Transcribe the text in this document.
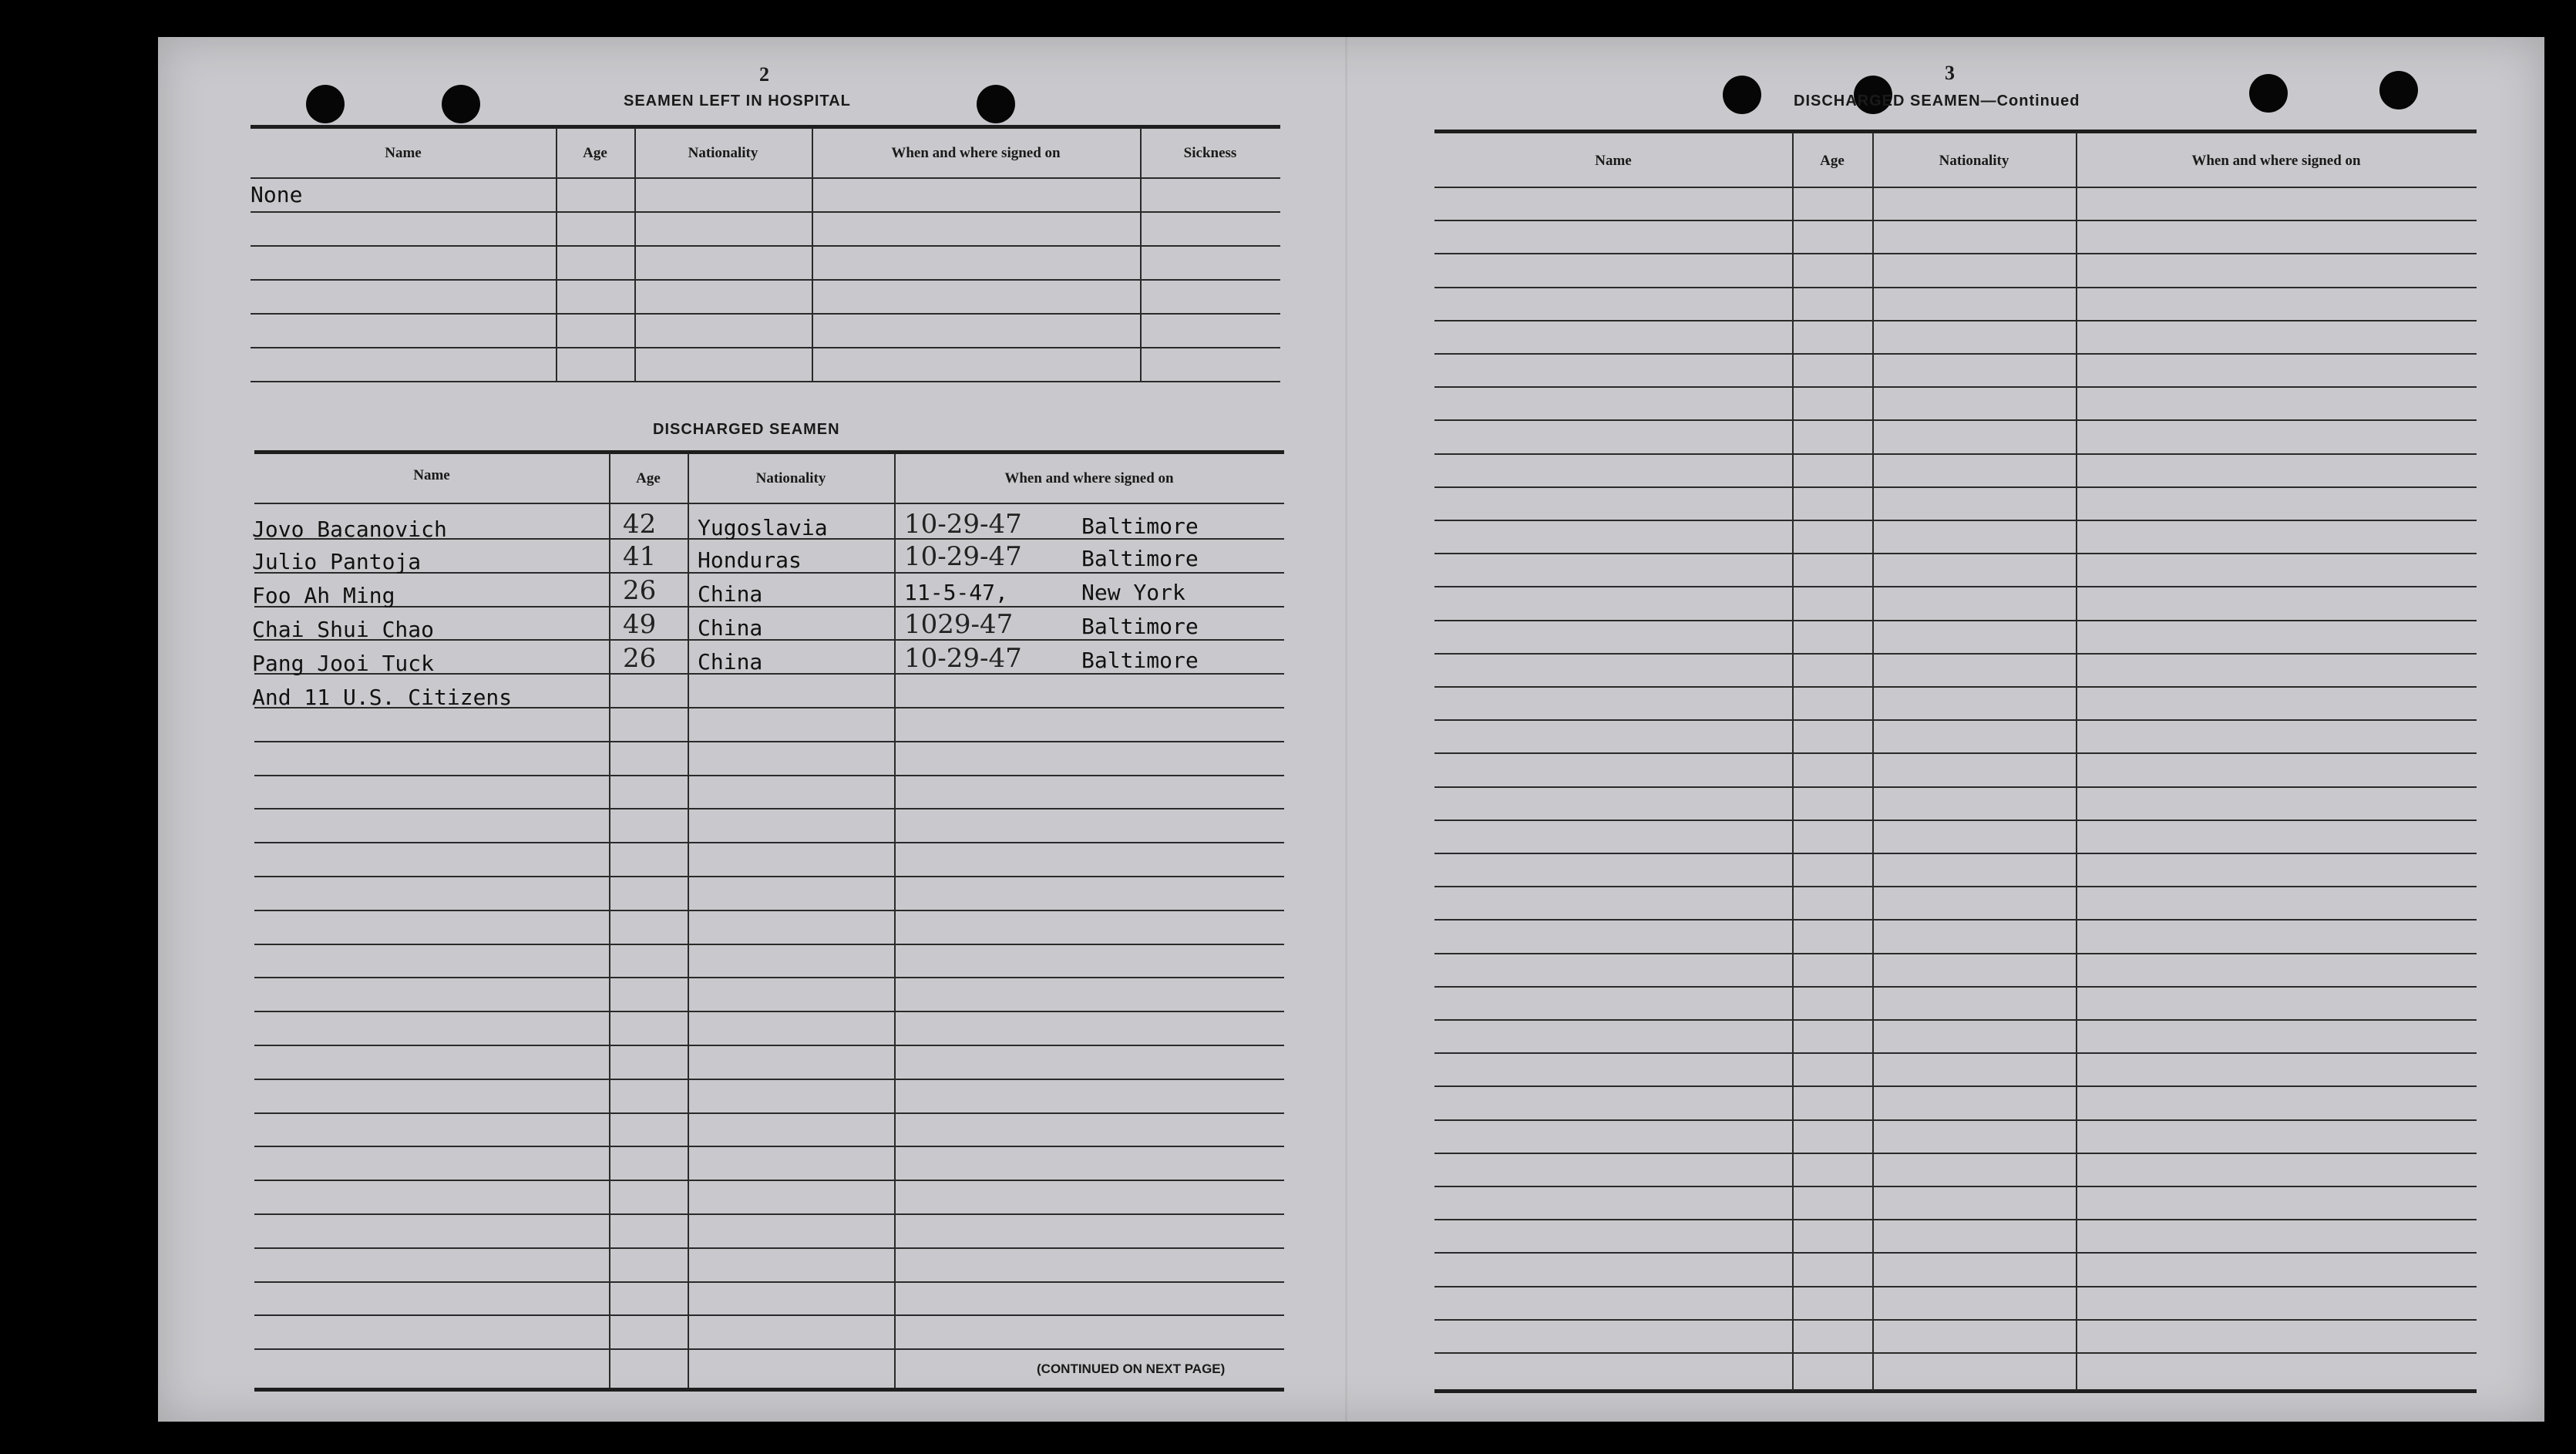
2
SEAMEN LEFT IN HOSPITAL
Name	Age	Nationality	When and where signed on	Sickness
None
DISCHARGED SEAMEN
Name	Age	Nationality	When and where signed on
Jovo Bacanovich	42 Yugoslavia	10-29-47	Baltimore
Julio Pantoja	41 Honduras	10-29-47	Baltimore
Foo Ah Ming	26 China	11-5-47,	New York
Chai Shui Chao	49 China	1029-47	Baltimore
Pang Jooi Tuck	26 China	10-29-47	Baltimore
And 11 U.S. Citizens
(CONTINUED ON NEXT PAGE)
3
DISCHARGED SEAMEN—Continued
Name	Age	Nationality	When and where signed on
